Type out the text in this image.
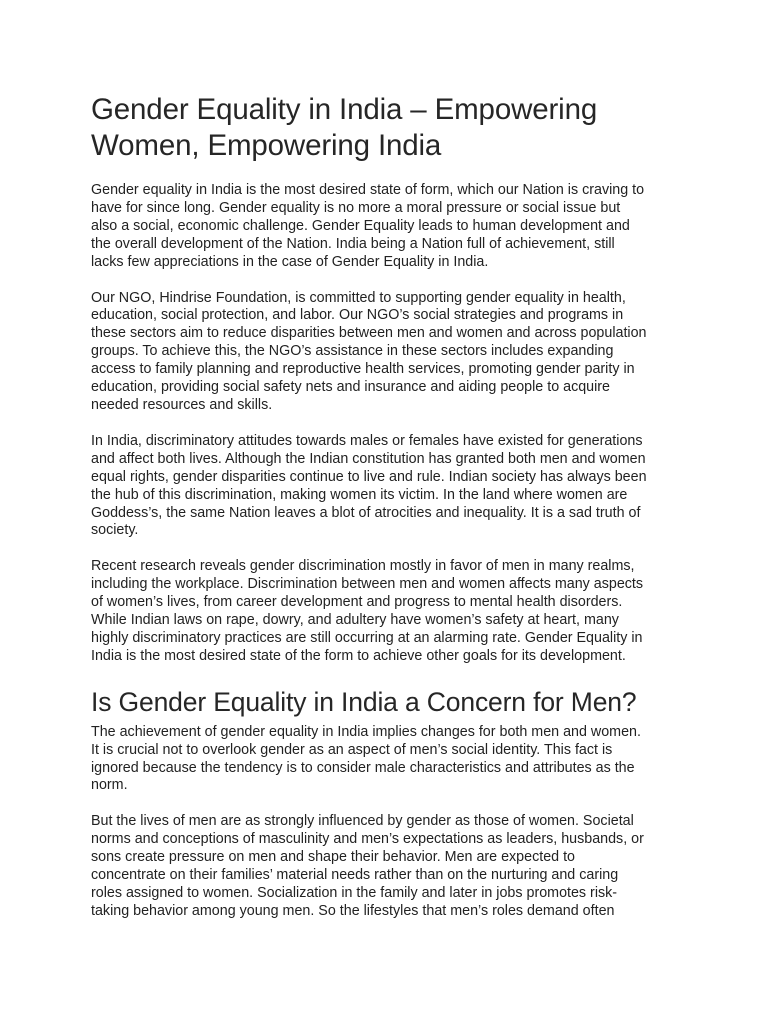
Gender Equality in India – Empowering
Women, Empowering India

Gender equality in India is the most desired state of form, which our Nation is craving to
have for since long. Gender equality is no more a moral pressure or social issue but
also a social, economic challenge. Gender Equality leads to human development and
the overall development of the Nation. India being a Nation full of achievement, still
lacks few appreciations in the case of Gender Equality in India.

Our NGO, Hindrise Foundation, is committed to supporting gender equality in health,
education, social protection, and labor. Our NGO’s social strategies and programs in
these sectors aim to reduce disparities between men and women and across population
groups. To achieve this, the NGO’s assistance in these sectors includes expanding
access to family planning and reproductive health services, promoting gender parity in
education, providing social safety nets and insurance and aiding people to acquire
needed resources and skills.

In India, discriminatory attitudes towards males or females have existed for generations
and affect both lives. Although the Indian constitution has granted both men and women
equal rights, gender disparities continue to live and rule. Indian society has always been
the hub of this discrimination, making women its victim. In the land where women are
Goddess’s, the same Nation leaves a blot of atrocities and inequality. It is a sad truth of
society.

Recent research reveals gender discrimination mostly in favor of men in many realms,
including the workplace. Discrimination between men and women affects many aspects
of women’s lives, from career development and progress to mental health disorders.
While Indian laws on rape, dowry, and adultery have women’s safety at heart, many
highly discriminatory practices are still occurring at an alarming rate. Gender Equality in
India is the most desired state of the form to achieve other goals for its development.

Is Gender Equality in India a Concern for Men?

The achievement of gender equality in India implies changes for both men and women.
It is crucial not to overlook gender as an aspect of men’s social identity. This fact is
ignored because the tendency is to consider male characteristics and attributes as the
norm.

But the lives of men are as strongly influenced by gender as those of women. Societal
norms and conceptions of masculinity and men’s expectations as leaders, husbands, or
sons create pressure on men and shape their behavior. Men are expected to
concentrate on their families’ material needs rather than on the nurturing and caring
roles assigned to women. Socialization in the family and later in jobs promotes risk-
taking behavior among young men. So the lifestyles that men’s roles demand often
